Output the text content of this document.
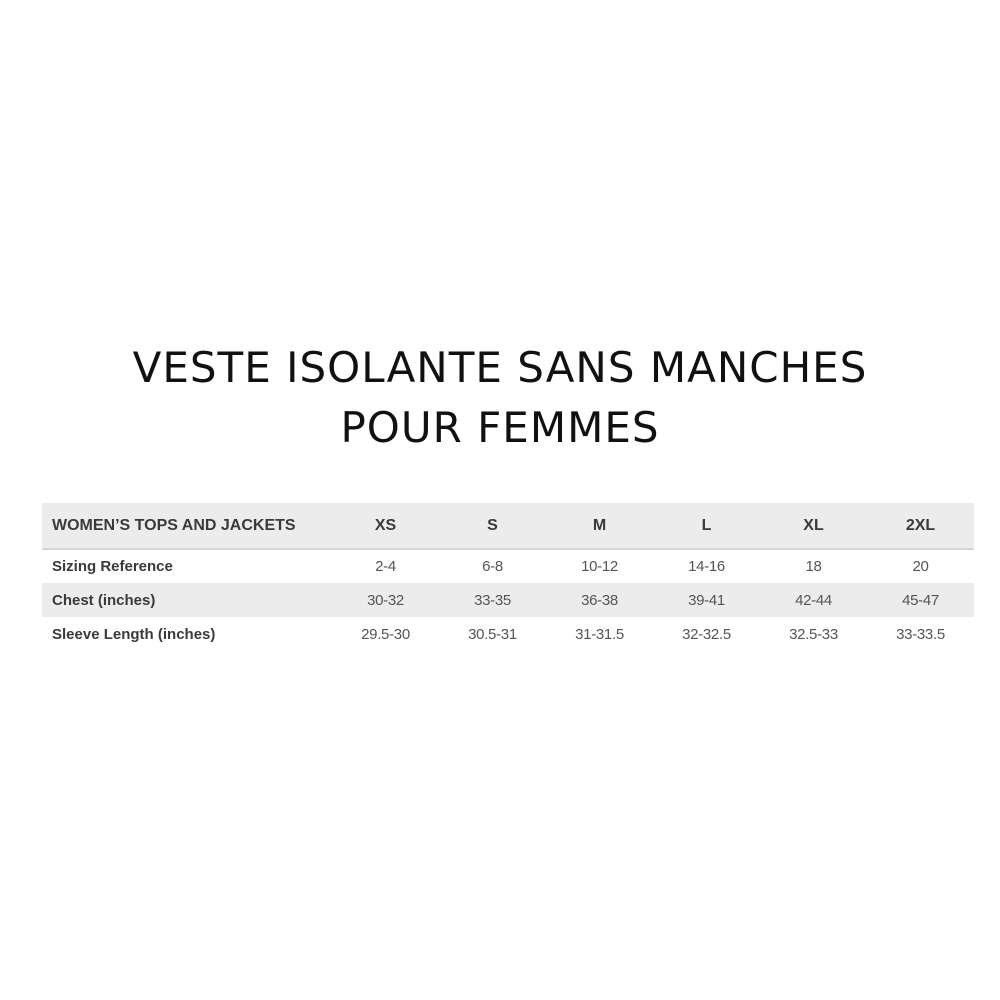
VESTE ISOLANTE SANS MANCHES
POUR FEMMES
WOMEN’S TOPS AND JACKETS	XS	S	M	L	XL	2XL
Sizing Reference	2-4	6-8	10-12	14-16	18	20
Chest (inches)	30-32	33-35	36-38	39-41	42-44	45-47
Sleeve Length (inches)	29.5-30	30.5-31	31-31.5	32-32.5	32.5-33	33-33.5
